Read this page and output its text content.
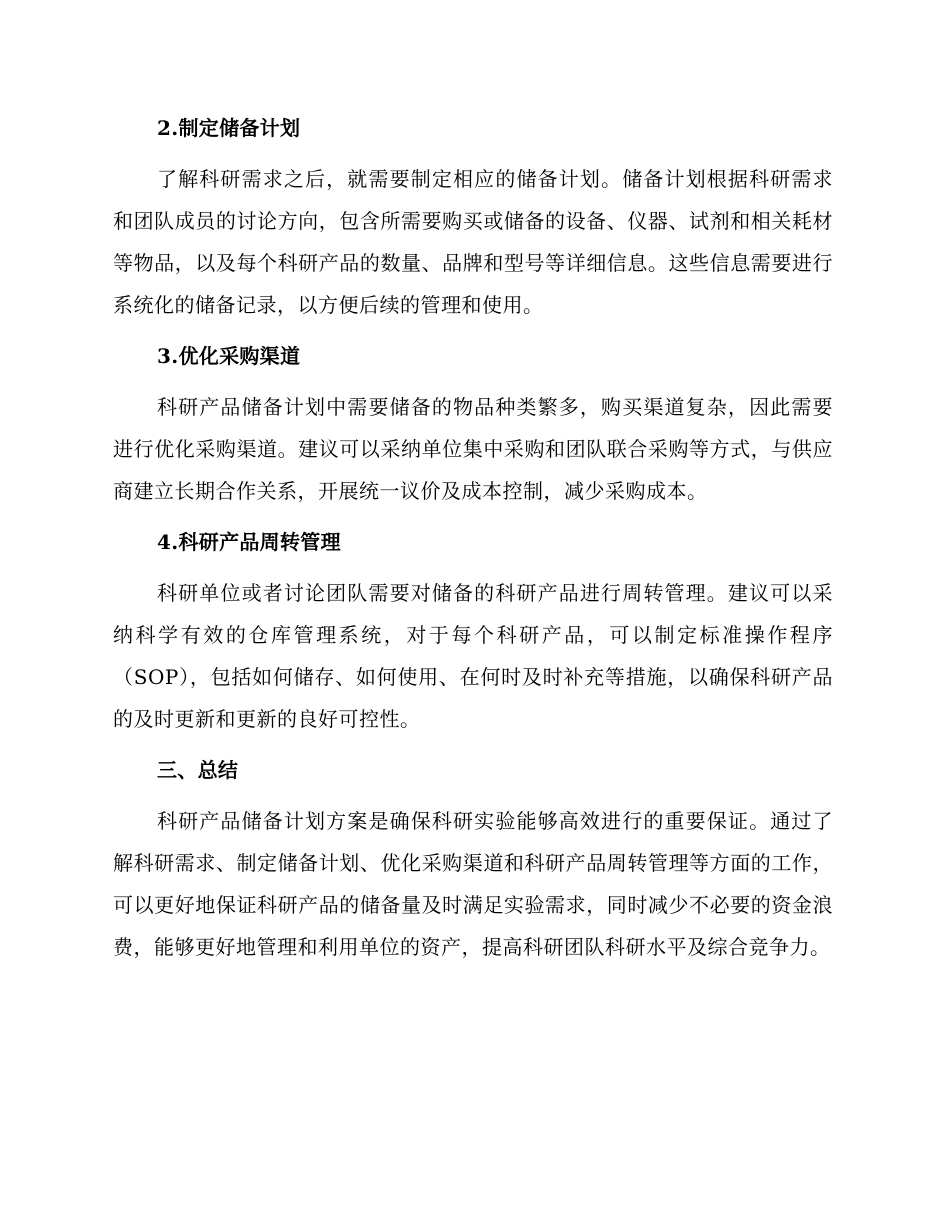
2.制定储备计划

了解科研需求之后，就需要制定相应的储备计划。储备计划根据科研需求和团队成员的讨论方向，包含所需要购买或储备的设备、仪器、试剂和相关耗材等物品，以及每个科研产品的数量、品牌和型号等详细信息。这些信息需要进行系统化的储备记录，以方便后续的管理和使用。

3.优化采购渠道

科研产品储备计划中需要储备的物品种类繁多，购买渠道复杂，因此需要进行优化采购渠道。建议可以采纳单位集中采购和团队联合采购等方式，与供应商建立长期合作关系，开展统一议价及成本控制，减少采购成本。

4.科研产品周转管理

科研单位或者讨论团队需要对储备的科研产品进行周转管理。建议可以采纳科学有效的仓库管理系统，对于每个科研产品，可以制定标准操作程序（SOP），包括如何储存、如何使用、在何时及时补充等措施，以确保科研产品的及时更新和更新的良好可控性。

三、总结

科研产品储备计划方案是确保科研实验能够高效进行的重要保证。通过了解科研需求、制定储备计划、优化采购渠道和科研产品周转管理等方面的工作，可以更好地保证科研产品的储备量及时满足实验需求，同时减少不必要的资金浪费，能够更好地管理和利用单位的资产，提高科研团队科研水平及综合竞争力。
